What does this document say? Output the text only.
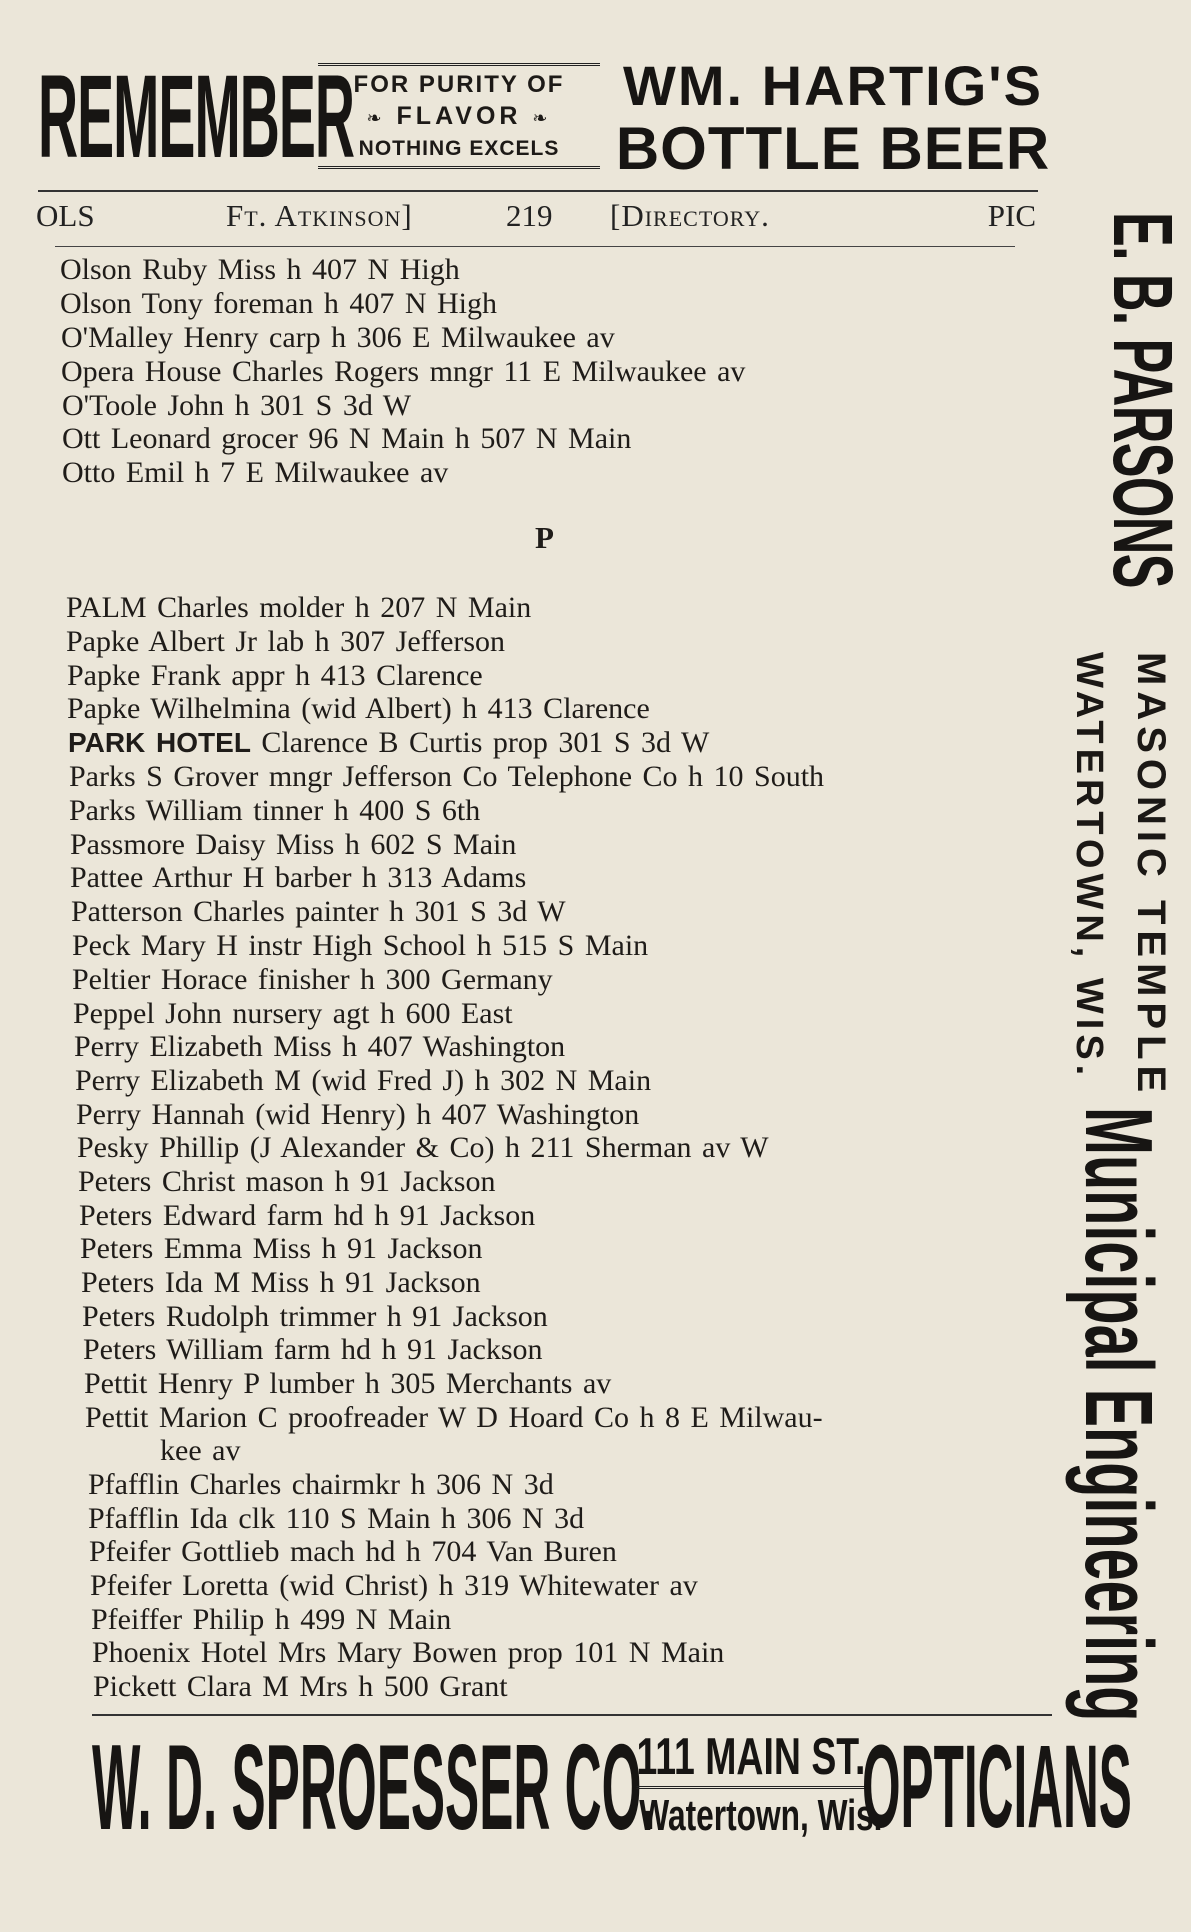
REMEMBER FOR PURITY OF
❧ FLAVOR ❧
NOTHING EXCELS
WM. HARTIG'S
BOTTLE BEER
OLS	Ft. Atkinson]	219 [Directory.	PIC
Olson Ruby Miss h 407 N High
Olson Tony foreman h 407 N High
O'Malley Henry carp h 306 E Milwaukee av
Opera House Charles Rogers mngr 11 E Milwaukee av
O'Toole John h 301 S 3d W
Ott Leonard grocer 96 N Main h 507 N Main
Otto Emil h 7 E Milwaukee av
P
PALM Charles molder h 207 N Main
Papke Albert Jr lab h 307 Jefferson
Papke Frank appr h 413 Clarence
Papke Wilhelmina (wid Albert) h 413 Clarence
PARK HOTEL Clarence B Curtis prop 301 S 3d W
Parks S Grover mngr Jefferson Co Telephone Co h 10 South
Parks William tinner h 400 S 6th
Passmore Daisy Miss h 602 S Main
Pattee Arthur H barber h 313 Adams
Patterson Charles painter h 301 S 3d W
Peck Mary H instr High School h 515 S Main
Peltier Horace finisher h 300 Germany
Peppel John nursery agt h 600 East
Perry Elizabeth Miss h 407 Washington
Perry Elizabeth M (wid Fred J) h 302 N Main
Perry Hannah (wid Henry) h 407 Washington
Pesky Phillip (J Alexander & Co) h 211 Sherman av W
Peters Christ mason h 91 Jackson
Peters Edward farm hd h 91 Jackson
Peters Emma Miss h 91 Jackson
Peters Ida M Miss h 91 Jackson
Peters Rudolph trimmer h 91 Jackson
Peters William farm hd h 91 Jackson
Pettit Henry P lumber h 305 Merchants av
Pettit Marion C proofreader W D Hoard Co h 8 E Milwau-
kee av
Pfafflin Charles chairmkr h 306 N 3d
Pfafflin Ida clk 110 S Main h 306 N 3d
Pfeifer Gottlieb mach hd h 704 Van Buren
Pfeifer Loretta (wid Christ) h 319 Whitewater av
Pfeiffer Philip h 499 N Main
Phoenix Hotel Mrs Mary Bowen prop 101 N Main
Pickett Clara M Mrs h 500 Grant
E. B. PARSONS
MASONIC TEMPLE
WATERTOWN, WIS.
Municipal Engineering
W. D. SPROESSER CO.
111 MAIN ST.
Watertown, Wis.
OPTICIANS
